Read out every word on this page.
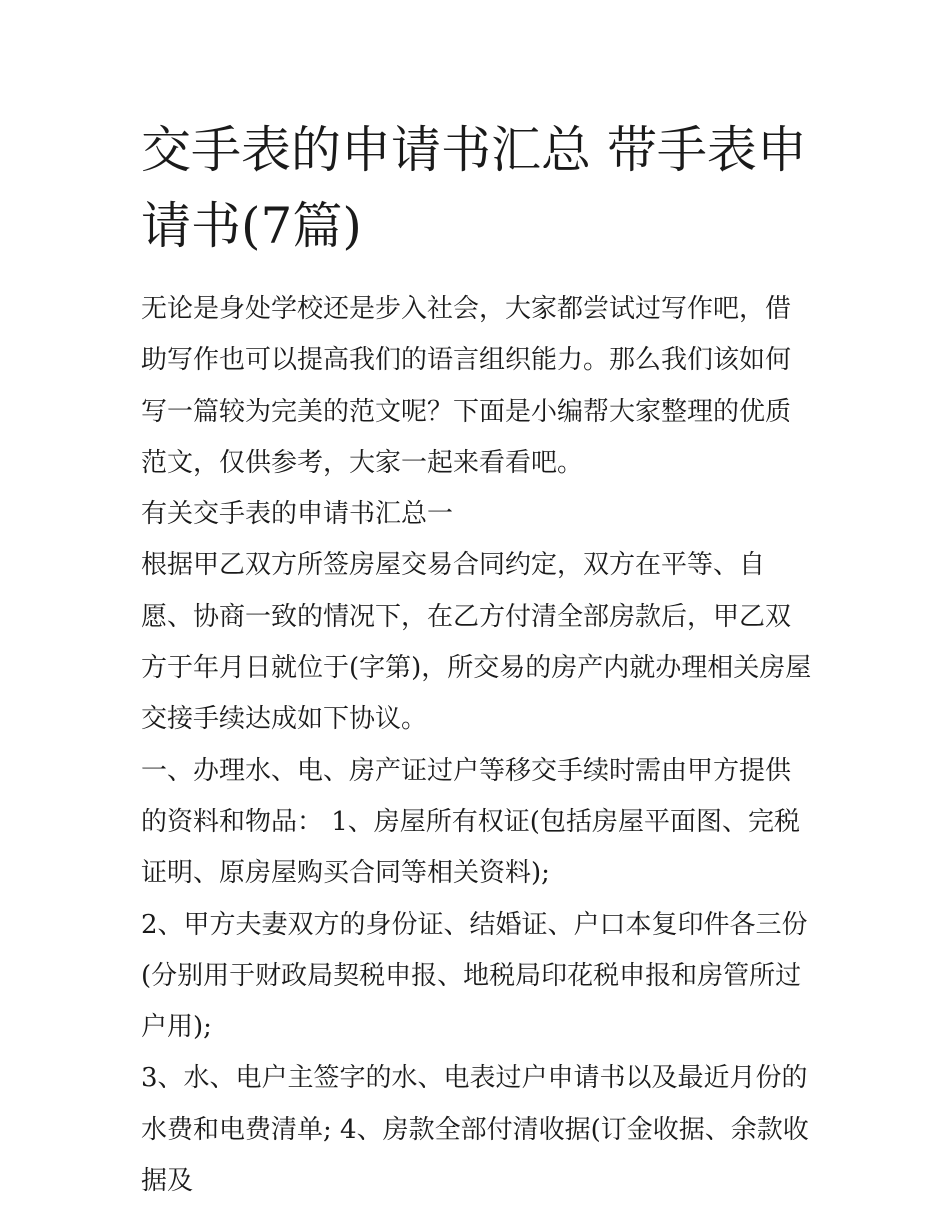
交手表的申请书汇总 带手表申请书(7篇)

无论是身处学校还是步入社会，大家都尝试过写作吧，借助写作也可以提高我们的语言组织能力。那么我们该如何写一篇较为完美的范文呢？下面是小编帮大家整理的优质范文，仅供参考，大家一起来看看吧。

有关交手表的申请书汇总一

根据甲乙双方所签房屋交易合同约定，双方在平等、自愿、协商一致的情况下，在乙方付清全部房款后，甲乙双方于年月日就位于(字第)，所交易的房产内就办理相关房屋交接手续达成如下协议。

一、办理水、电、房产证过户等移交手续时需由甲方提供的资料和物品： 1、房屋所有权证(包括房屋平面图、完税证明、原房屋购买合同等相关资料);

2、甲方夫妻双方的身份证、结婚证、户口本复印件各三份(分别用于财政局契税申报、地税局印花税申报和房管所过户用);

3、水、电户主签字的水、电表过户申请书以及最近月份的水费和电费清单; 4、房款全部付清收据(订金收据、余款收据及
